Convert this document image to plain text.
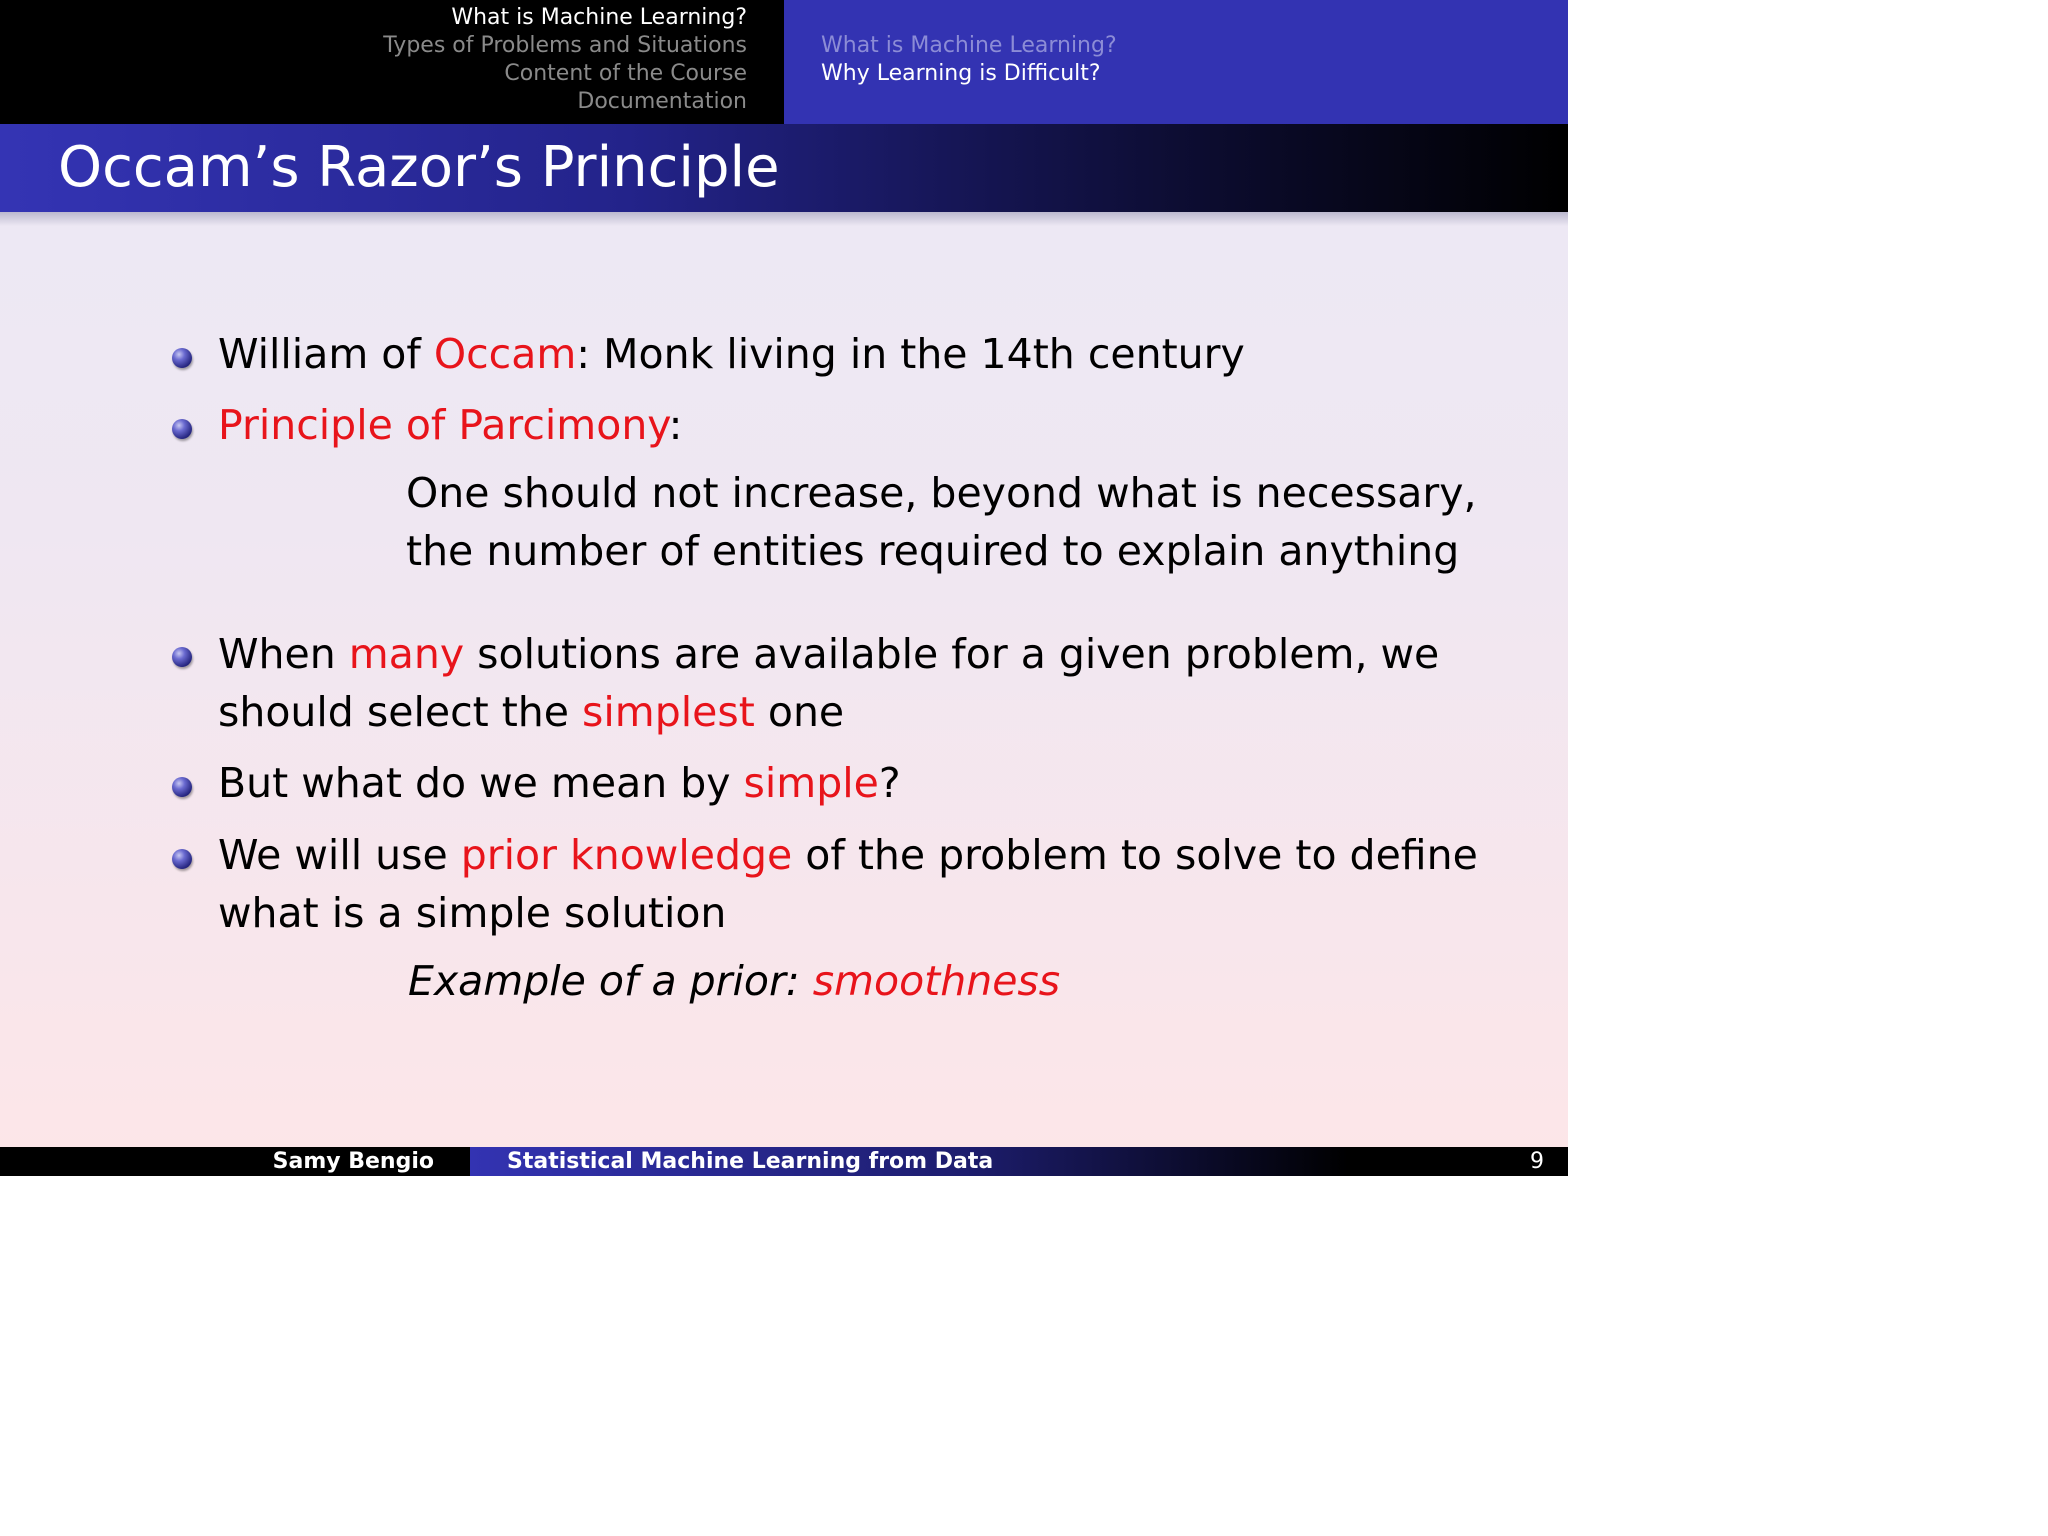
What is Machine Learning?
Types of Problems and Situations
Content of the Course
Documentation
What is Machine Learning?
Why Learning is Difficult?
Occam’s Razor’s Principle
William of Occam: Monk living in the 14th century
Principle of Parcimony:
One should not increase, beyond what is necessary,
the number of entities required to explain anything
When many solutions are available for a given problem, we
should select the simplest one
But what do we mean by simple?
We will use prior knowledge of the problem to solve to define
what is a simple solution
Example of a prior: smoothness
Samy Bengio	Statistical Machine Learning from Data	9
